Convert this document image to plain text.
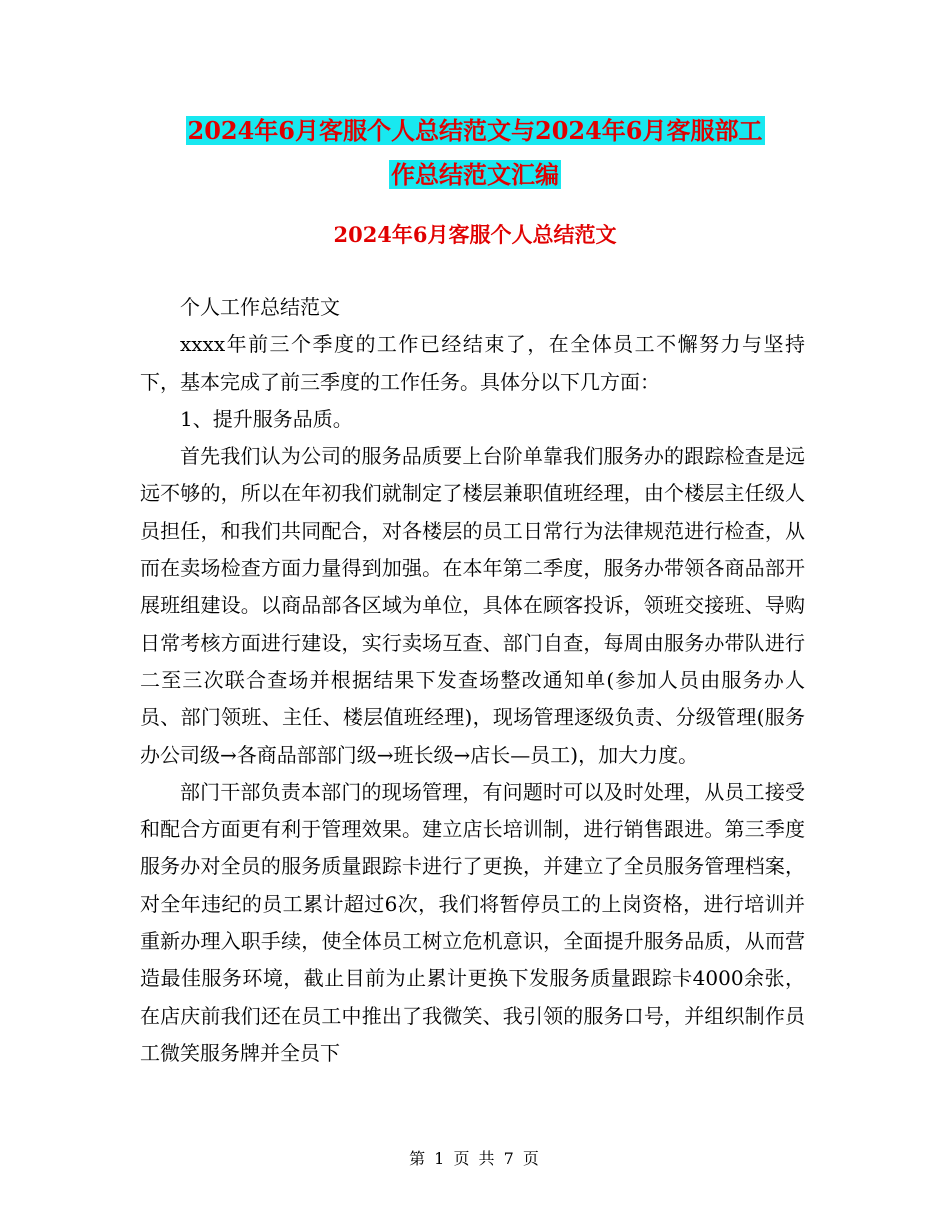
2024年6月客服个人总结范文与2024年6月客服部工
作总结范文汇编
2024年6月客服个人总结范文

个人工作总结范文

xxxx年前三个季度的工作已经结束了，在全体员工不懈努力与坚持下，基本完成了前三季度的工作任务。具体分以下几方面：

1、提升服务品质。

首先我们认为公司的服务品质要上台阶单靠我们服务办的跟踪检查是远远不够的，所以在年初我们就制定了楼层兼职值班经理，由个楼层主任级人员担任，和我们共同配合，对各楼层的员工日常行为法律规范进行检查，从而在卖场检查方面力量得到加强。在本年第二季度，服务办带领各商品部开展班组建设。以商品部各区域为单位，具体在顾客投诉，领班交接班、导购日常考核方面进行建设，实行卖场互查、部门自查，每周由服务办带队进行二至三次联合查场并根据结果下发查场整改通知单(参加人员由服务办人员、部门领班、主任、楼层值班经理)，现场管理逐级负责、分级管理(服务办公司级→各商品部部门级→班长级→店长—员工)，加大力度。

部门干部负责本部门的现场管理，有问题时可以及时处理，从员工接受和配合方面更有利于管理效果。建立店长培训制，进行销售跟进。第三季度服务办对全员的服务质量跟踪卡进行了更换，并建立了全员服务管理档案，对全年违纪的员工累计超过6次，我们将暂停员工的上岗资格，进行培训并重新办理入职手续，使全体员工树立危机意识，全面提升服务品质，从而营造最佳服务环境，截止目前为止累计更换下发服务质量跟踪卡4000余张，在店庆前我们还在员工中推出了我微笑、我引领的服务口号，并组织制作员工微笑服务牌并全员下

第 1 页 共 7 页
